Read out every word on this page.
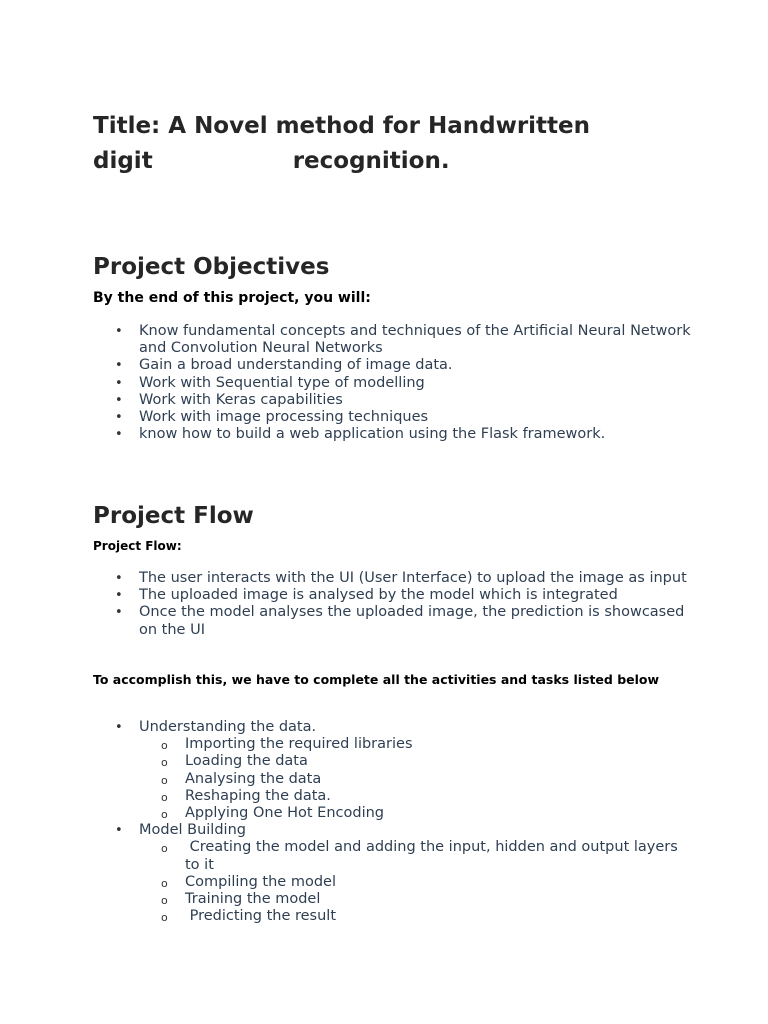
Title: A Novel method for Handwritten
digit	recognition.
Project Objectives

By the end of this project, you will:

• Know fundamental concepts and techniques of the Artificial Neural Network and Convolution Neural Networks
• Gain a broad understanding of image data.
• Work with Sequential type of modelling
• Work with Keras capabilities
• Work with image processing techniques
• know how to build a web application using the Flask framework.
Project Flow

Project Flow:

• The user interacts with the UI (User Interface) to upload the image as input
• The uploaded image is analysed by the model which is integrated
• Once the model analyses the uploaded image, the prediction is showcased on the UI

To accomplish this, we have to complete all the activities and tasks listed below

• Understanding the data.
o Importing the required libraries
o Loading the data
o Analysing the data
o Reshaping the data.
o Applying One Hot Encoding
• Model Building
o Creating the model and adding the input, hidden and output layers to it
o Compiling the model
o Training the model
o Predicting the result
